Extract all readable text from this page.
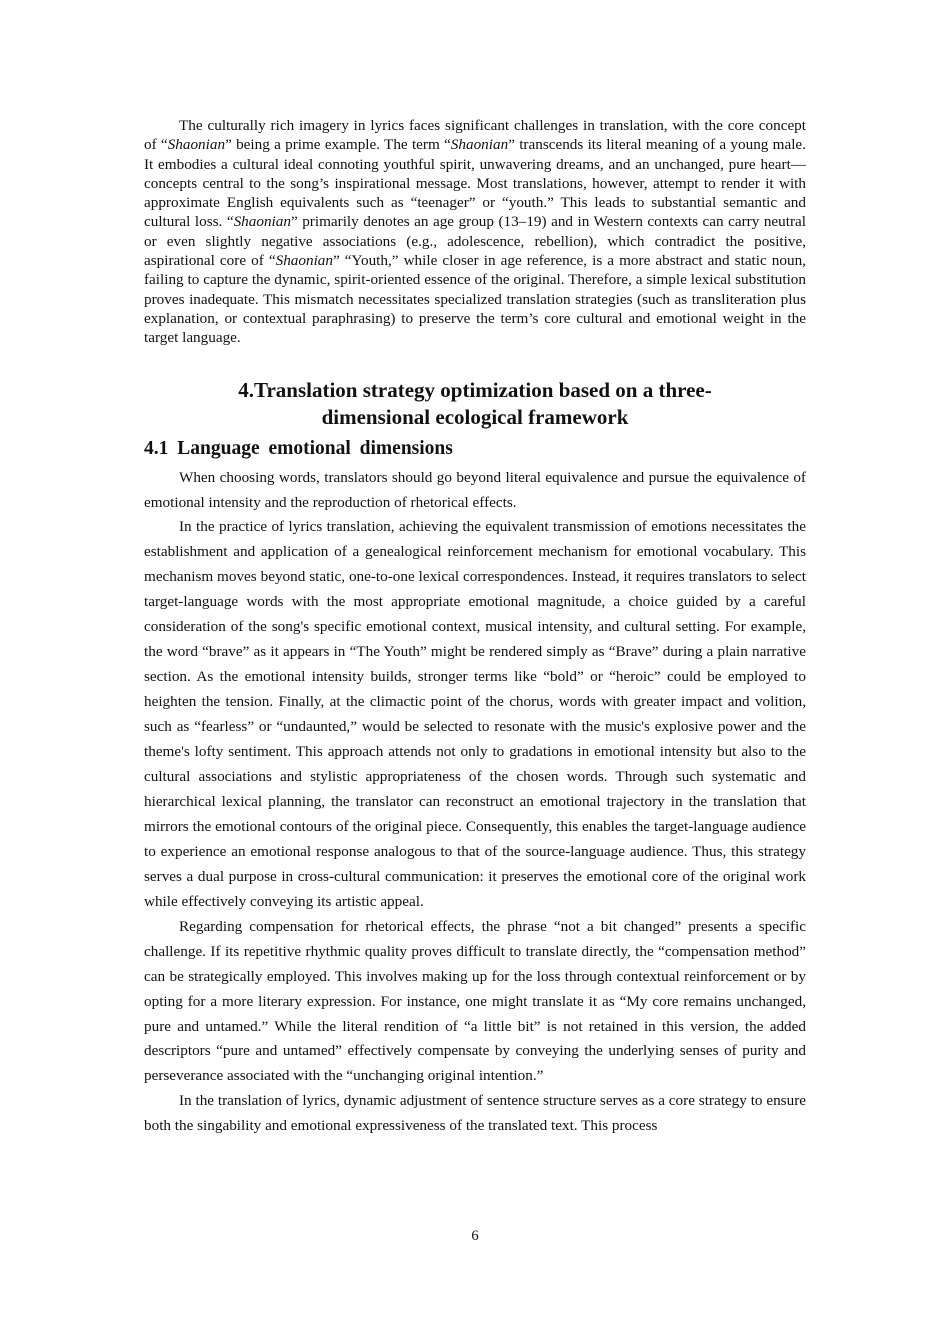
The culturally rich imagery in lyrics faces significant challenges in translation, with the core concept of “Shaonian” being a prime example. The term “Shaonian” transcends its literal meaning of a young male. It embodies a cultural ideal connoting youthful spirit, unwavering dreams, and an unchanged, pure heart—concepts central to the song’s inspirational message. Most translations, however, attempt to render it with approximate English equivalents such as “teenager” or “youth.” This leads to substantial semantic and cultural loss. “Shaonian” primarily denotes an age group (13–19) and in Western contexts can carry neutral or even slightly negative associations (e.g., adolescence, rebellion), which contradict the positive, aspirational core of “Shaonian” “Youth,” while closer in age reference, is a more abstract and static noun, failing to capture the dynamic, spirit-oriented essence of the original. Therefore, a simple lexical substitution proves inadequate. This mismatch necessitates specialized translation strategies (such as transliteration plus explanation, or contextual paraphrasing) to preserve the term’s core cultural and emotional weight in the target language.

4.Translation strategy optimization based on a three-
dimensional ecological framework
4.1 Language emotional dimensions

When choosing words, translators should go beyond literal equivalence and pursue the equivalence of emotional intensity and the reproduction of rhetorical effects.

In the practice of lyrics translation, achieving the equivalent transmission of emotions necessitates the establishment and application of a genealogical reinforcement mechanism for emotional vocabulary. This mechanism moves beyond static, one-to-one lexical correspondences. Instead, it requires translators to select target-language words with the most appropriate emotional magnitude, a choice guided by a careful consideration of the song's specific emotional context, musical intensity, and cultural setting. For example, the word “brave” as it appears in “The Youth” might be rendered simply as “Brave” during a plain narrative section. As the emotional intensity builds, stronger terms like “bold” or “heroic” could be employed to heighten the tension. Finally, at the climactic point of the chorus, words with greater impact and volition, such as “fearless” or “undaunted,” would be selected to resonate with the music's explosive power and the theme's lofty sentiment. This approach attends not only to gradations in emotional intensity but also to the cultural associations and stylistic appropriateness of the chosen words. Through such systematic and hierarchical lexical planning, the translator can reconstruct an emotional trajectory in the translation that mirrors the emotional contours of the original piece. Consequently, this enables the target-language audience to experience an emotional response analogous to that of the source-language audience. Thus, this strategy serves a dual purpose in cross-cultural communication: it preserves the emotional core of the original work while effectively conveying its artistic appeal.

Regarding compensation for rhetorical effects, the phrase “not a bit changed” presents a specific challenge. If its repetitive rhythmic quality proves difficult to translate directly, the “compensation method” can be strategically employed. This involves making up for the loss through contextual reinforcement or by opting for a more literary expression. For instance, one might translate it as “My core remains unchanged, pure and untamed.” While the literal rendition of “a little bit” is not retained in this version, the added descriptors “pure and untamed” effectively compensate by conveying the underlying senses of purity and perseverance associated with the “unchanging original intention.”

In the translation of lyrics, dynamic adjustment of sentence structure serves as a core strategy to ensure both the singability and emotional expressiveness of the translated text. This process

6
